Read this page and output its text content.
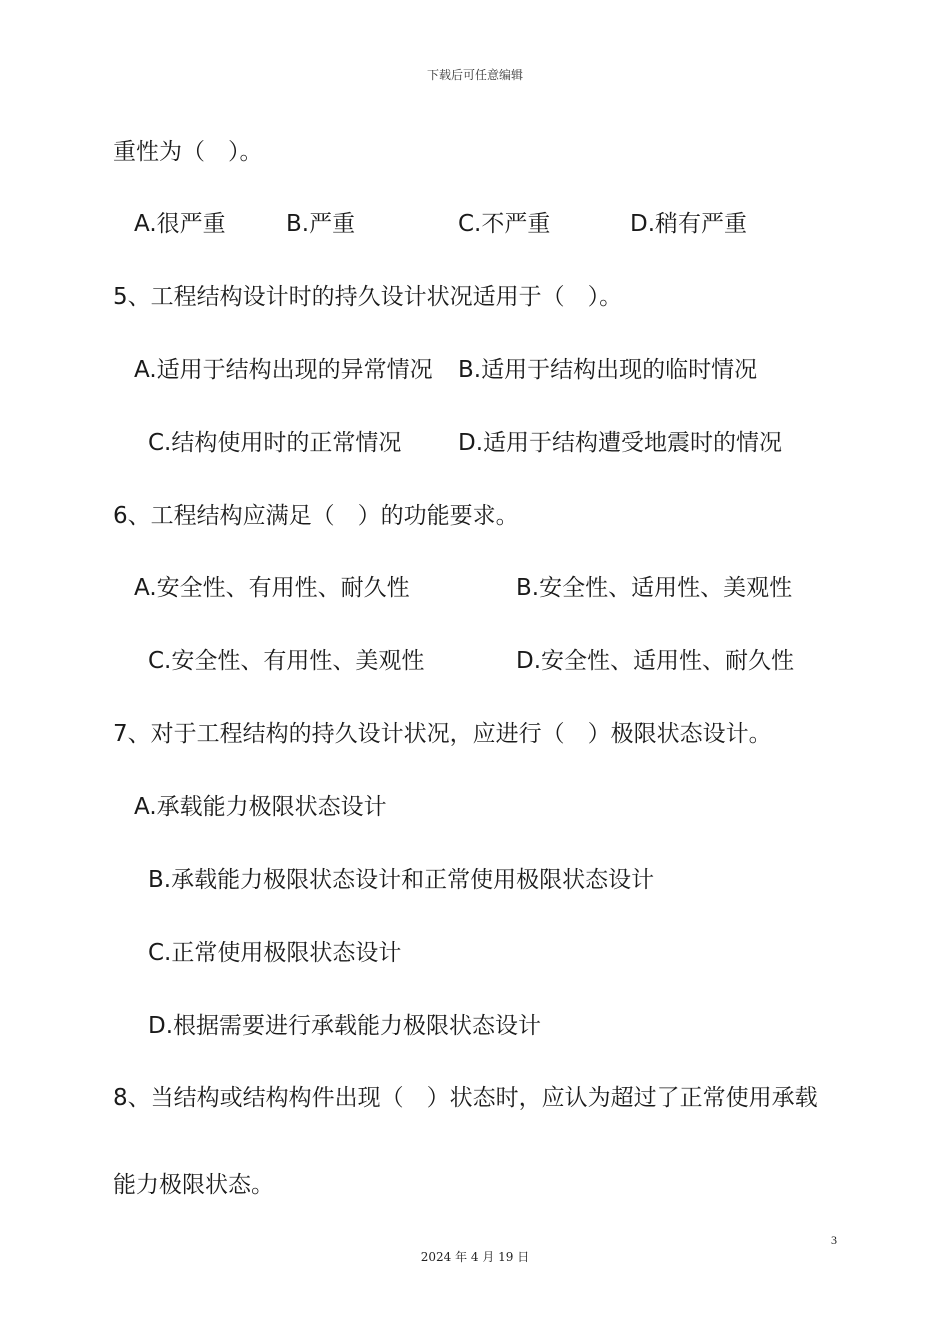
下载后可任意编辑
重性为（　）。
A.很严重	B.严重	C.不严重	D.稍有严重
5、工程结构设计时的持久设计状况适用于（　）。
A.适用于结构出现的异常情况 B.适用于结构出现的临时情况
C.结构使用时的正常情况 D.适用于结构遭受地震时的情况
6、工程结构应满足（　）的功能要求。
A.安全性、有用性、耐久性	B.安全性、适用性、美观性
C.安全性、有用性、美观性	D.安全性、适用性、耐久性
7、对于工程结构的持久设计状况，应进行（　）极限状态设计。
A.承载能力极限状态设计
B.承载能力极限状态设计和正常使用极限状态设计
C.正常使用极限状态设计
D.根据需要进行承载能力极限状态设计
8、当结构或结构构件出现（　）状态时，应认为超过了正常使用承载
能力极限状态。
3
2024 年 4 月 19 日
